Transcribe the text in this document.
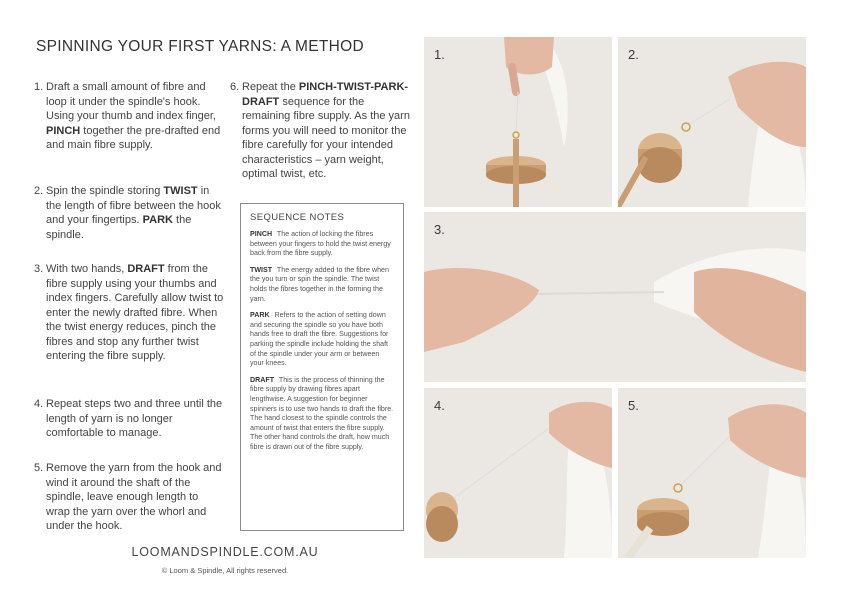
SPINNING YOUR FIRST YARNS: A METHOD
1. Draft a small amount of fibre and loop it under the spindle's hook. Using your thumb and index finger, PINCH together the pre-drafted end and main fibre supply.
2. Spin the spindle storing TWIST in the length of fibre between the hook and your fingertips. PARK the spindle.
3. With two hands, DRAFT from the fibre supply using your thumbs and index fingers. Carefully allow twist to enter the newly drafted fibre. When the twist energy reduces, pinch the fibres and stop any further twist entering the fibre supply.
4. Repeat steps two and three until the length of yarn is no longer comfortable to manage.
5. Remove the yarn from the hook and wind it around the shaft of the spindle, leave enough length to wrap the yarn over the whorl and under the hook.
6. Repeat the PINCH-TWIST-PARK-DRAFT sequence for the remaining fibre supply. As the yarn forms you will need to monitor the fibre carefully for your intended characteristics – yarn weight, optimal twist, etc.
SEQUENCE NOTES
PINCH The action of locking the fibres between your fingers to hold the twist energy back from the fibre supply.
TWIST The energy added to the fibre when the you turn or spin the spindle. The twist holds the fibres together in the forming the yarn.
PARK Refers to the action of setting down and securing the spindle so you have both hands free to draft the fibre. Suggestions for parking the spindle include holding the shaft of the spindle under your arm or between your knees.
DRAFT This is the process of thinning the fibre supply by drawing fibres apart lengthwise. A suggestion for beginner spinners is to use two hands to draft the fibre. The hand closest to the spindle controls the amount of twist that enters the fibre supply. The other hand controls the draft, how much fibre is drawn out of the fibre supply.
LOOMANDSPINDLE.COM.AU
© Loom & Spindle, All rights reserved.
1.	2.
3.
4.	5.
